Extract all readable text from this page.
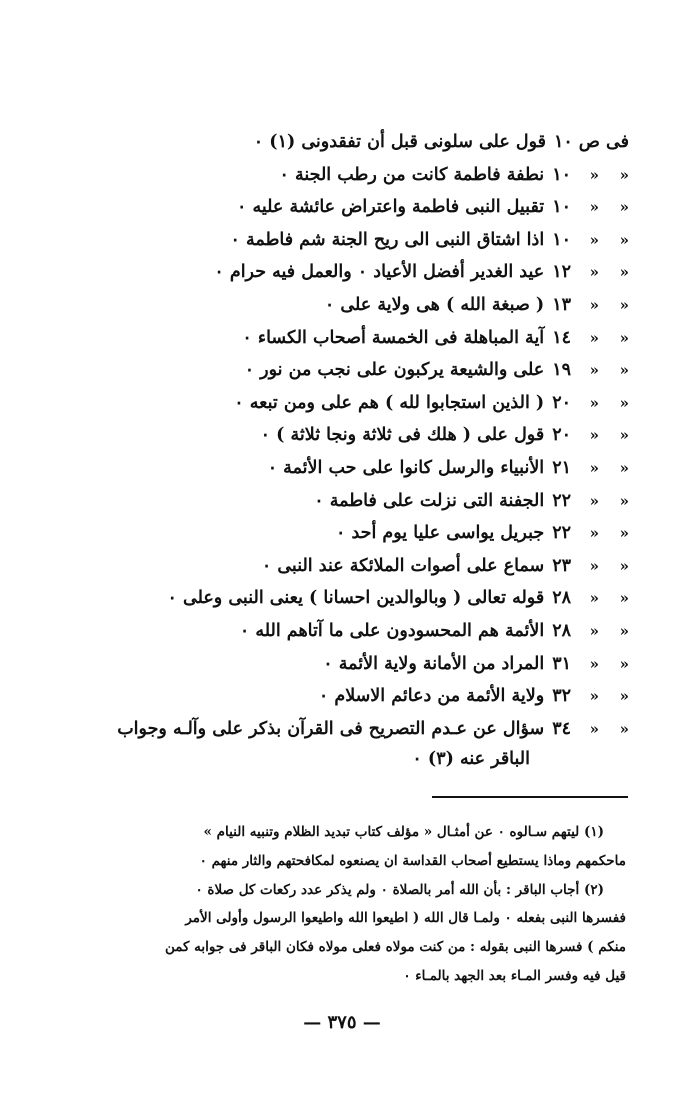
فى ص
١٠
قول على سلونى قبل أن تفقدونى (١) ٠
«
«
١٠
نطفة فاطمة كانت من رطب الجنة ٠
«
«
١٠
تقبيل النبى فاطمة واعتراض عائشة عليه ٠
«
«
١٠
اذا اشتاق النبى الى ريح الجنة شم فاطمة ٠
«
«
١٢
عيد الغدير أفضل الأعياد ٠ والعمل فيه حرام ٠
«
«
١٣
( صبغة الله ) هى ولاية على ٠
«
«
١٤
آية المباهلة فى الخمسة أصحاب الكساء ٠
«
«
١٩
على والشيعة يركبون على نجب من نور ٠
«
«
٢٠
( الذين استجابوا لله ) هم على ومن تبعه ٠
«
«
٢٠
قول على ( هلك فى ثلاثة ونجا ثلاثة ) ٠
«
«
٢١
الأنبياء والرسل كانوا على حب الأئمة ٠
«
«
٢٢
الجفنة التى نزلت على فاطمة ٠
«
«
٢٢
جبريل يواسى عليا يوم أحد ٠
«
«
٢٣
سماع على أصوات الملائكة عند النبى ٠
«
«
٢٨
قوله تعالى ( وبالوالدين احسانا ) يعنى النبى وعلى ٠
«
«
٢٨
الأئمة هم المحسودون على ما آتاهم الله ٠
«
«
٣١
المراد من الأمانة ولاية الأئمة ٠
«
«
٣٢
ولاية الأئمة من دعائم الاسلام ٠
«
«
٣٤
سؤال عن عـدم التصريح فى القرآن بذكر على وآلـه وجواب
الباقر عنه (٣) ٠

(١) ليتهم سـالوه ٠ عن أمثـال « مؤلف كتاب تبديد الظلام وتنبيه النيام »

ماحكمهم وماذا يستطيع أصحاب القداسة ان يصنعوه لمكافحتهم والثار منهم ٠

(٢) أجاب الباقر : بأن الله أمر بالصلاة ٠ ولم يذكر عدد ركعات كل صلاة ٠

ففسرها النبى بفعله ٠ ولمـا قال الله ( اطيعوا الله واطيعوا الرسول وأولى الأمر

منكم ) فسرها النبى بقوله : من كنت مولاه فعلى مولاه فكان الباقر فى جوابه كمن

قيل فيه وفسر المـاء بعد الجهد بالمـاء ٠

— ٣٧٥ —
